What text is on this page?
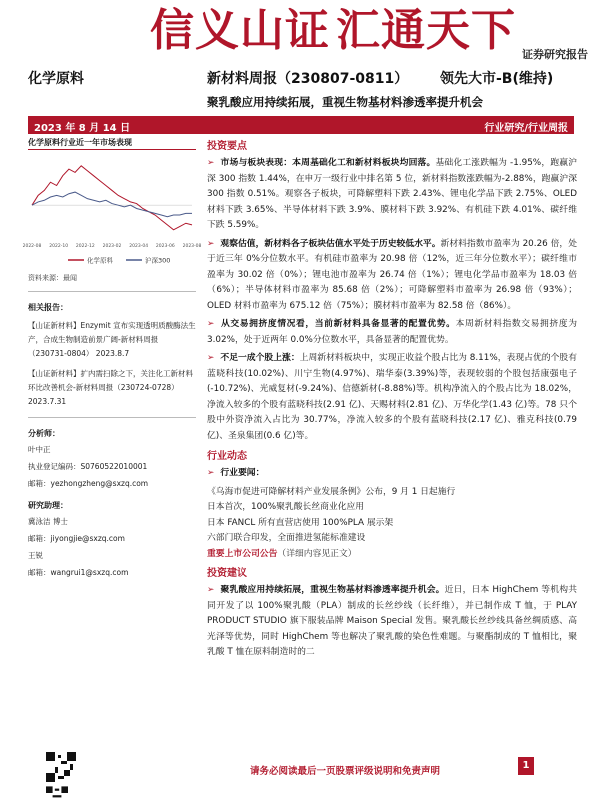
信义山证 汇通天下 证券研究报告
化学原料	新材料周报（230807-0811） 领先大市-B(维持)
聚乳酸应用持续拓展，重视生物基材料渗透率提升机会
2023 年 8 月 14 日	行业研究/行业周报
化学原料行业近一年市场表现
2022-08 2022-10 2022-12 2023-02 2023-04 2023-06 2023-08
化学原料	沪深300
资料来源：最闻
相关报告：
【山证新材料】Enzymit 宣布实现透明质酸酶法生产，合成生物制造前景广阔-新材料周报（230731-0804） 2023.8.7
【山证新材料】扩内需扫除之下，关注化工新材料环比改善机会-新材料周报（230724-0728） 2023.7.31
分析师：
叶中正
执业登记编码：S0760522010001
邮箱：yezhongzheng@sxzq.com
研究助理：
冀泳洁 博士
邮箱：jiyongjie@sxzq.com
王锐
邮箱：wangrui1@sxzq.com
投资要点
➢ 市场与板块表现：本周基础化工和新材料板块均回落。基础化工涨跌幅为 -1.95%，跑赢沪深 300 指数 1.44%，在申万一级行业中排名第 5 位，新材料指数涨跌幅为-2.88%，跑赢沪深 300 指数 0.51%。观察各子板块，可降解塑料下跌 2.43%、锂电化学品下跌 2.75%、OLED 材料下跌 3.65%、半导体材料下跌 3.9%、膜材料下跌 3.92%、有机硅下跌 4.01%、碳纤维下跌 5.59%。
➢ 观察估值，新材料各子板块估值水平处于历史较低水平。新材料指数市盈率为 20.26 倍，处于近三年 0%分位数水平。有机硅市盈率为 20.98 倍（12%，近三年分位数水平）；碳纤维市盈率为 30.02 倍（0%）；锂电池市盈率为 26.74 倍（1%）；锂电化学品市盈率为 18.03 倍（6%）；半导体材料市盈率为 85.68 倍（2%）；可降解塑料市盈率为 26.98 倍（93%）；OLED 材料市盈率为 675.12 倍（75%）；膜材料市盈率为 82.58 倍（86%）。
➢ 从交易拥挤度情况看，当前新材料具备显著的配置优势。本周新材料指数交易拥挤度为 3.02%，处于近两年 0.0%分位数水平，具备显著的配置优势。
➢ 不足一成个股上涨：上周新材料板块中，实现正收益个股占比为 8.11%，表现占优的个股有蓝晓科技(10.02%)、川宁生物(4.97%)、瑞华泰(3.39%)等，表现较弱的个股包括康强电子(-10.72%)、光威复材(-9.24%)、信德新材(-8.88%)等。机构净流入的个股占比为 18.02%，净流入较多的个股有蓝晓科技(2.91 亿)、天赐材料(2.81 亿)、万华化学(1.43 亿)等。78 只个股中外资净流入占比为 30.77%，净流入较多的个股有蓝晓科技(2.17 亿)、雅克科技(0.79 亿)、圣泉集团(0.6 亿)等。
行业动态
➢ 行业要闻：
《乌海市促进可降解材料产业发展条例》公布，9 月 1 日起施行
日本首次，100%聚乳酸长丝商业化应用
日本 FANCL 所有直营店使用 100%PLA 展示架
六部门联合印发，全面推进氢能标准建设
重要上市公司公告（详细内容见正文）
投资建议
➢ 聚乳酸应用持续拓展，重视生物基材料渗透率提升机会。近日，日本 HighChem 等机构共同开发了以 100%聚乳酸（PLA）制成的长丝纱线（长纤维），并已制作成 T 恤，于 PLAY PRODUCT STUDIO 旗下服装品牌 Maison Special 发售。聚乳酸长丝纱线具备丝绸质感、高光泽等优势，同时 HighChem 等也解决了聚乳酸的染色性难题。与聚酯制成的 T 恤相比，聚乳酸 T 恤在原料制造时的二
请务必阅读最后一页股票评级说明和免责声明
1
